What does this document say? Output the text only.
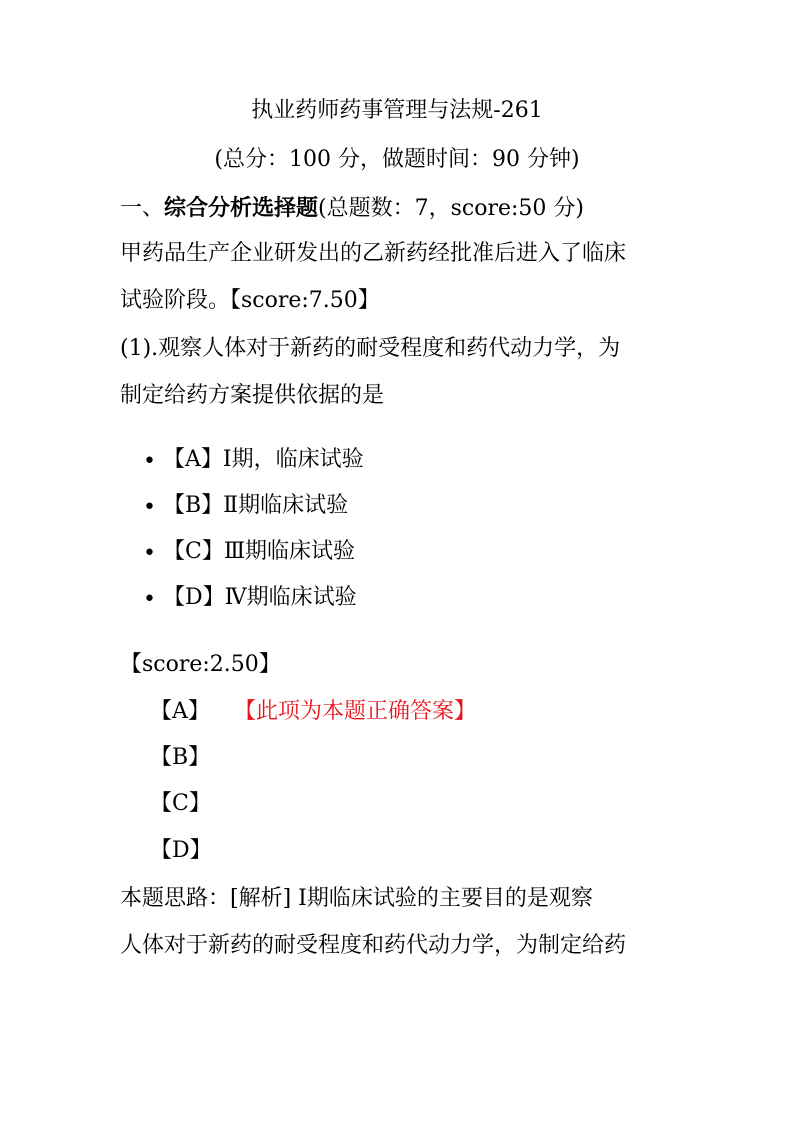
执业药师药事管理与法规-261
(总分：100 分，做题时间：90 分钟)
一、综合分析选择题(总题数：7，score:50 分)
甲药品生产企业研发出的乙新药经批准后进入了临床
试验阶段。【score:7.50】
(1).观察人体对于新药的耐受程度和药代动力学，为
制定给药方案提供依据的是
• 【A】Ⅰ期，临床试验
• 【B】Ⅱ期临床试验
• 【C】Ⅲ期临床试验
• 【D】Ⅳ期临床试验
【score:2.50】
【A】 【此项为本题正确答案】
【B】
【C】
【D】
本题思路：[解析] Ⅰ期临床试验的主要目的是观察
人体对于新药的耐受程度和药代动力学，为制定给药
